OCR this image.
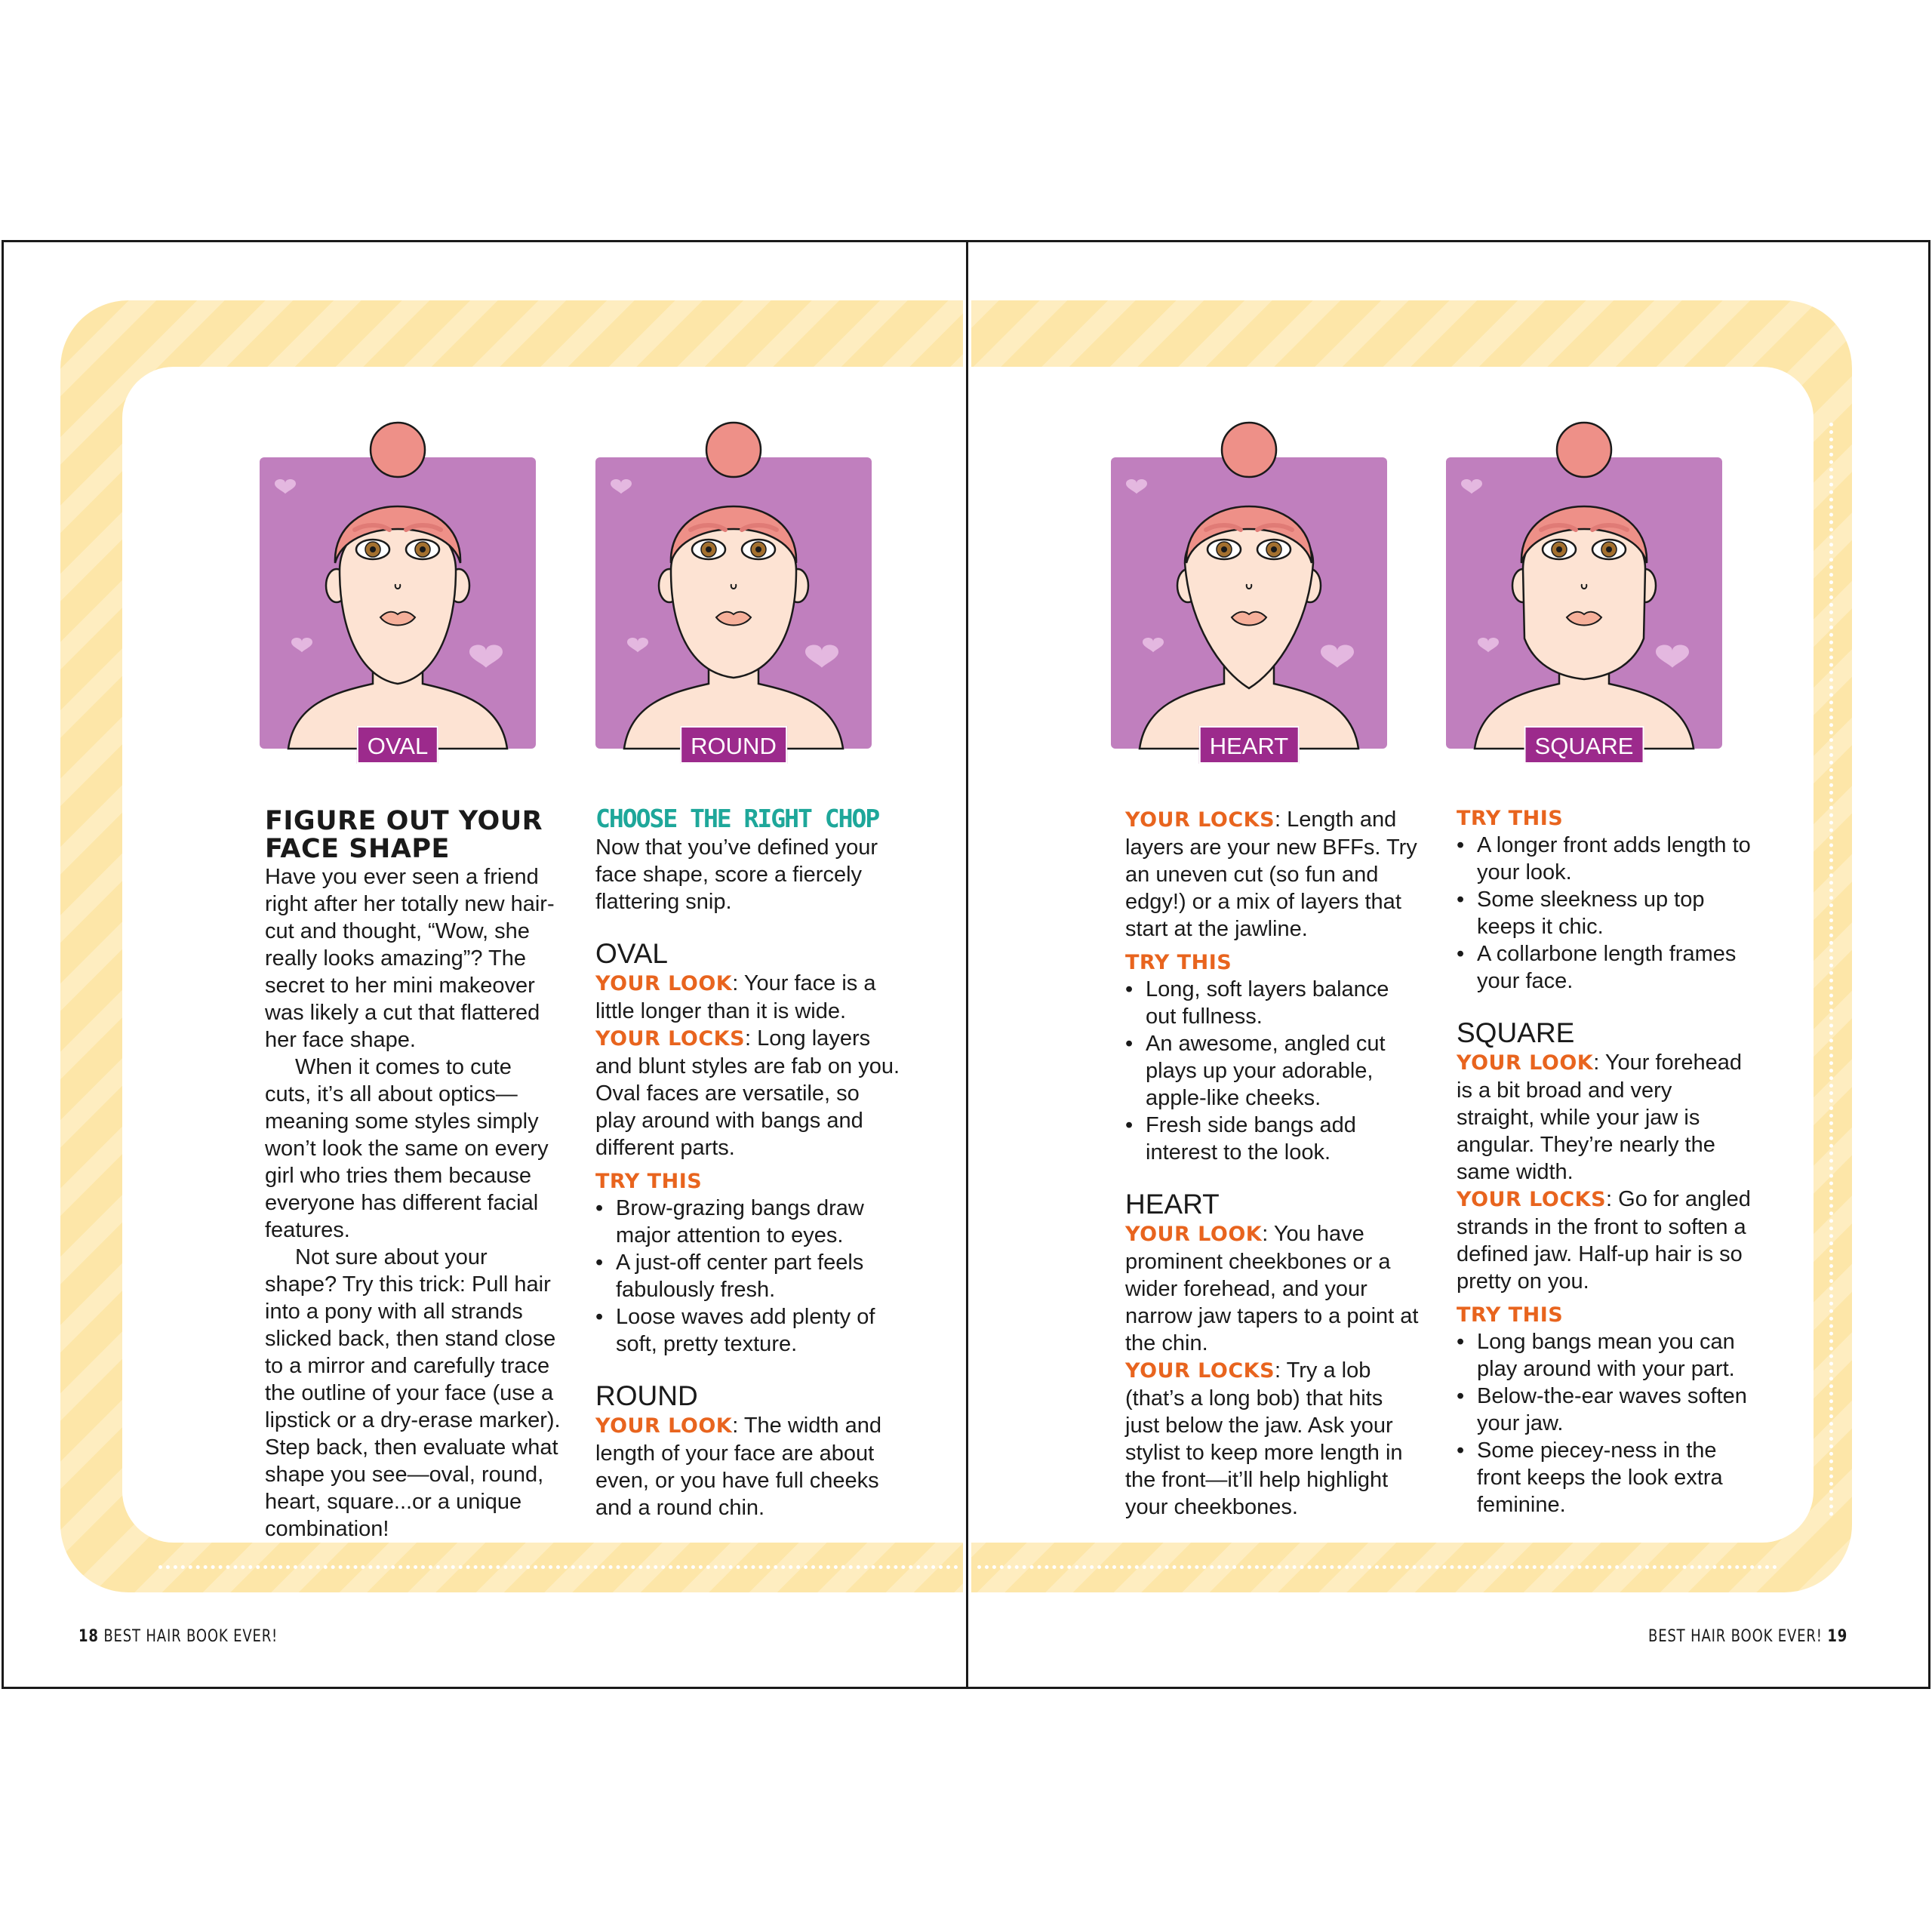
OVAL	ROUND	HEART	SQUARE
FIGURE OUT YOUR
FACE SHAPE

Have you ever seen a friend right after her totally new hair-cut and thought, “Wow, she really looks amazing”? The secret to her mini makeover was likely a cut that flattered her face shape.

When it comes to cute cuts, it’s all about optics—meaning some styles simply won’t look the same on every girl who tries them because everyone has different facial features.

Not sure about your shape? Try this trick: Pull hair into a pony with all strands slicked back, then stand close to a mirror and carefully trace the outline of your face (use a lipstick or a dry-erase marker). Step back, then evaluate what shape you see—oval, round, heart, square...or a unique combination!

CHOOSE THE RIGHT CHOP

Now that you’ve defined your face shape, score a fiercely flattering snip.

OVAL

YOUR LOOK: Your face is a little longer than it is wide.

YOUR LOCKS: Long layers and blunt styles are fab on you. Oval faces are versatile, so play around with bangs and different parts.

TRY THIS
• Brow-grazing bangs draw major attention to eyes.
• A just-off center part feels fabulously fresh.
• Loose waves add plenty of soft, pretty texture.
ROUND

YOUR LOOK: The width and length of your face are about even, or you have full cheeks and a round chin.

YOUR LOCKS: Length and layers are your new BFFs. Try an uneven cut (so fun and edgy!) or a mix of layers that start at the jawline.

TRY THIS
• Long, soft layers balance out fullness.
• An awesome, angled cut plays up your adorable, apple-like cheeks.
• Fresh side bangs add interest to the look.
HEART

YOUR LOOK: You have prominent cheekbones or a wider forehead, and your narrow jaw tapers to a point at the chin.

YOUR LOCKS: Try a lob (that’s a long bob) that hits just below the jaw. Ask your stylist to keep more length in the front—it’ll help highlight your cheekbones.

TRY THIS
• A longer front adds length to your look.
• Some sleekness up top keeps it chic.
• A collarbone length frames your face.
SQUARE

YOUR LOOK: Your forehead is a bit broad and very straight, while your jaw is angular. They’re nearly the same width.

YOUR LOCKS: Go for angled strands in the front to soften a defined jaw. Half-up hair is so pretty on you.

TRY THIS
• Long bangs mean you can play around with your part.
• Below-the-ear waves soften your jaw.
• Some piecey-ness in the front keeps the look extra feminine.
18 BEST HAIR BOOK EVER!	BEST HAIR BOOK EVER! 19
